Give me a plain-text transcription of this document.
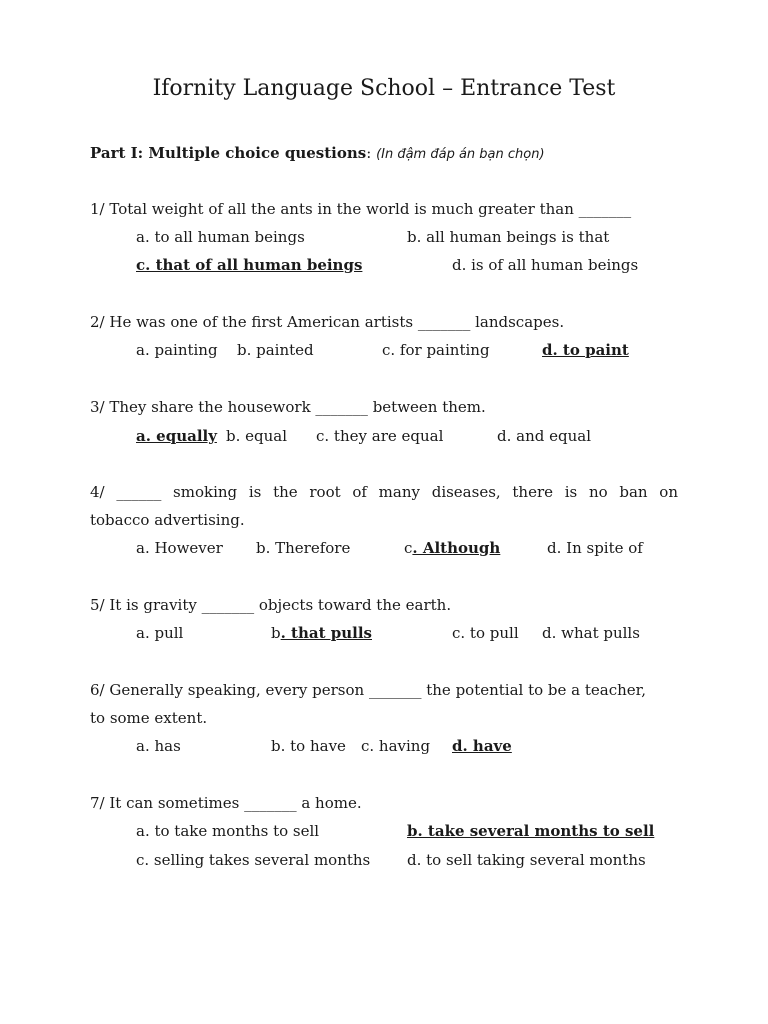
Ifornity Language School – Entrance Test
Part I: Multiple choice questions: (In đậm đáp án bạn chọn)
1/ Total weight of all the ants in the world is much greater than _______
a. to all human beings	b. all human beings is that
c. that of all human beings	d. is of all human beings
2/ He was one of the first American artists _______ landscapes.
a. painting b. painted	c. for painting	d. to paint
3/ They share the housework _______ between them.
a. equally b. equal c. they are equal	d. and equal
4/ ______ smoking is the root of many diseases, there is no ban on
tobacco advertising.
a. However b. Therefore	c. Although	d. In spite of
5/ It is gravity _______ objects toward the earth.
a. pull	b. that pulls	c. to pull d. what pulls
6/ Generally speaking, every person _______ the potential to be a teacher,
to some extent.
a. has	b. to have c. having d. have
7/ It can sometimes _______ a home.
a. to take months to sell	b. take several months to sell
c. selling takes several months d. to sell taking several months
